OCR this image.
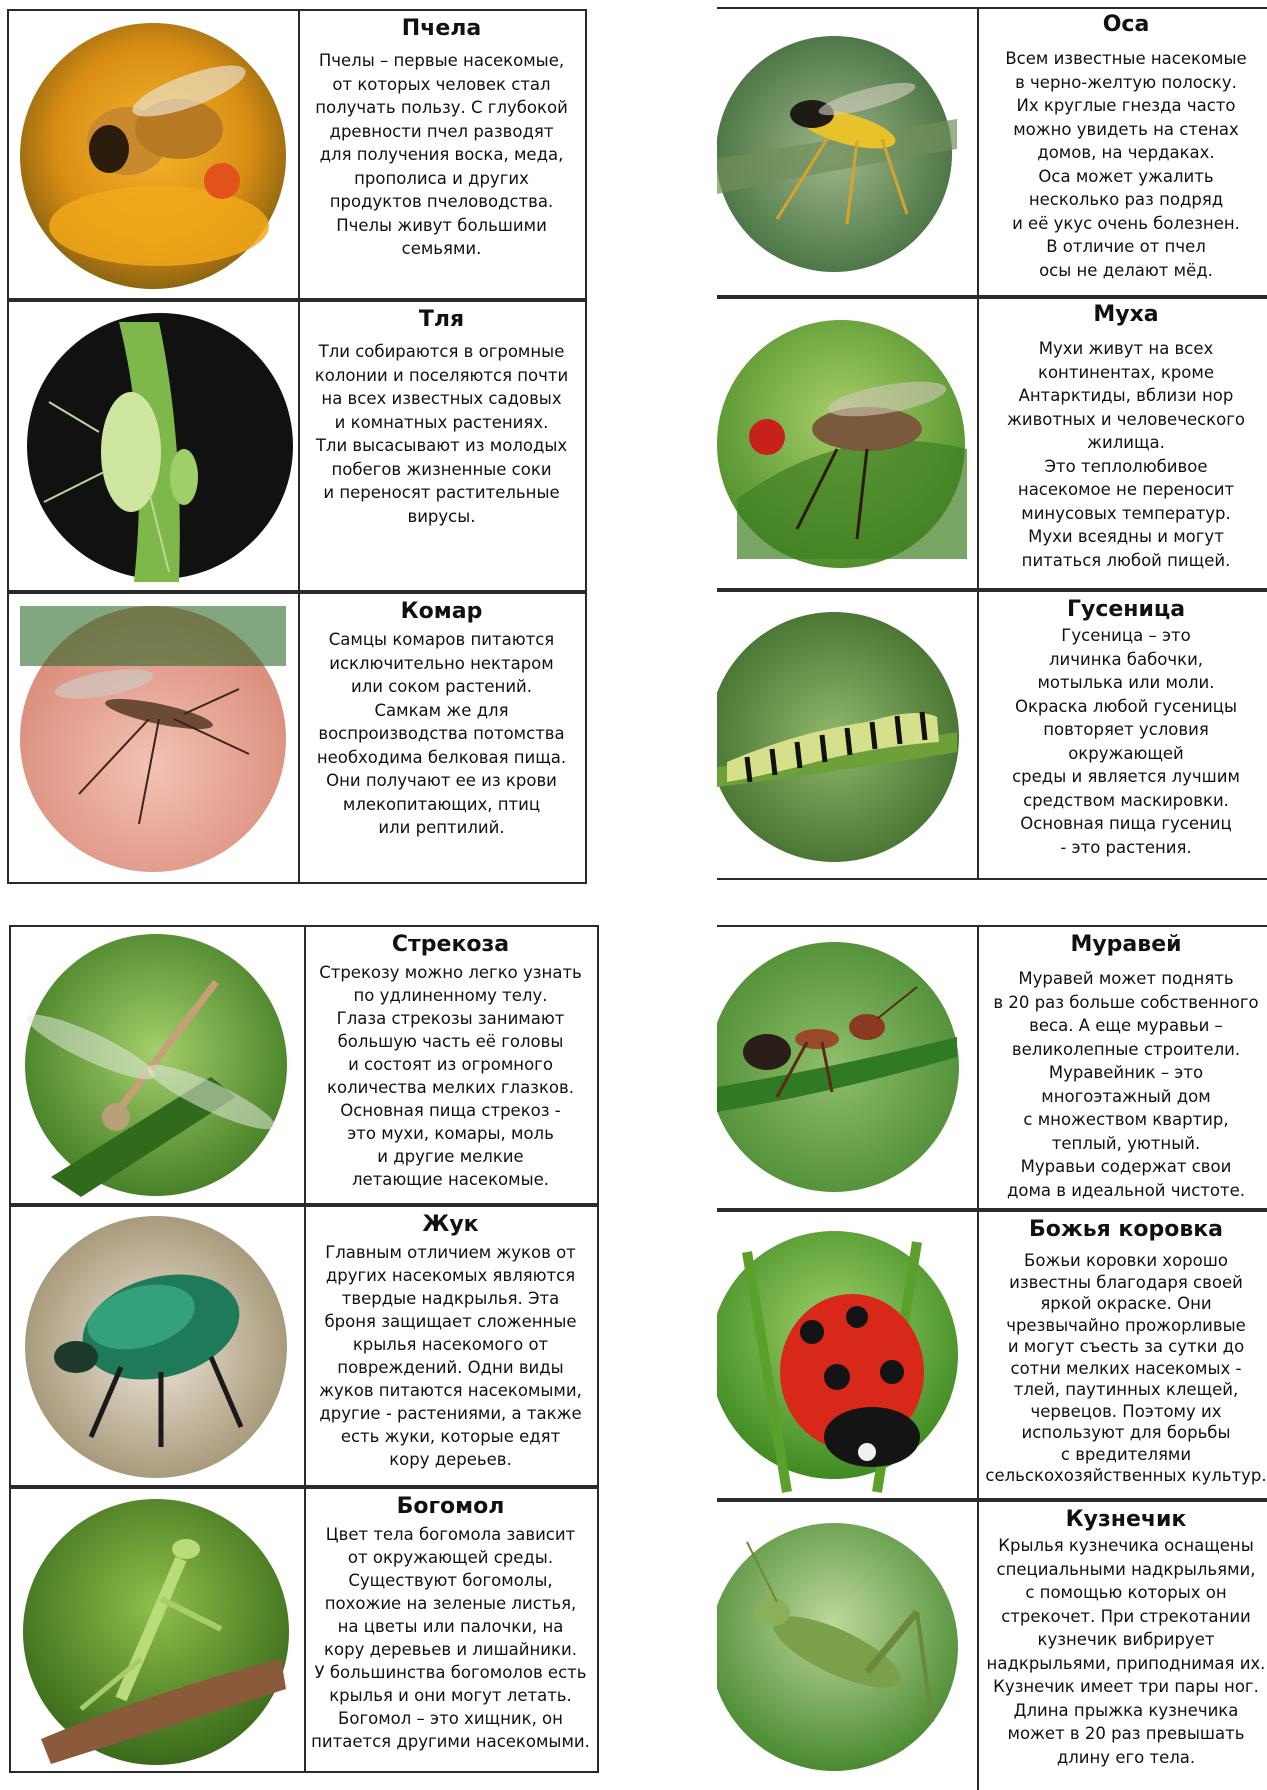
Пчела
Пчелы – первые насекомые,
от которых человек стал
получать пользу. С глубокой
древности пчел разводят
для получения воска, меда,
прополиса и других
продуктов пчеловодства.
Пчелы живут большими
семьями.
Тля
Тли собираются в огромные
колонии и поселяются почти
на всех известных садовых
и комнатных растениях.
Тли высасывают из молодых
побегов жизненные соки
и переносят растительные
вирусы.
Комар
Самцы комаров питаются
исключительно нектаром
или соком растений.
Самкам же для
воспроизводства потомства
необходима белковая пища.
Они получают ее из крови
млекопитающих, птиц
или рептилий.
Оса
Всем известные насекомые
в черно-желтую полоску.
Их круглые гнезда часто
можно увидеть на стенах
домов, на чердаках.
Оса может ужалить
несколько раз подряд
и её укус очень болезнен.
В отличие от пчел
осы не делают мёд.
Муха
Мухи живут на всех
континентах, кроме
Антарктиды, вблизи нор
животных и человеческого
жилища.
Это теплолюбивое
насекомое не переносит
минусовых температур.
Мухи всеядны и могут
питаться любой пищей.
Гусеница
Гусеница – это
личинка бабочки,
мотылька или моли.
Окраска любой гусеницы
повторяет условия
окружающей
среды и является лучшим
средством маскировки.
Основная пища гусениц
- это растения.
Стрекоза
Стрекозу можно легко узнать
по удлиненному телу.
Глаза стрекозы занимают
большую часть её головы
и состоят из огромного
количества мелких глазков.
Основная пища стрекоз -
это мухи, комары, моль
и другие мелкие
летающие насекомые.
Жук
Главным отличием жуков от
других насекомых являются
твердые надкрылья. Эта
броня защищает сложенные
крылья насекомого от
повреждений. Одни виды
жуков питаются насекомыми,
другие - растениями, а также
есть жуки, которые едят
кору дереьев.
Богомол
Цвет тела богомола зависит
от окружающей среды.
Существуют богомолы,
похожие на зеленые листья,
на цветы или палочки, на
кору деревьев и лишайники.
У большинства богомолов есть
крылья и они могут летать.
Богомол – это хищник, он
питается другими насекомыми.
Муравей
Муравей может поднять
в 20 раз больше собственного
веса. А еще муравьи –
великолепные строители.
Муравейник – это
многоэтажный дом
с множеством квартир,
теплый, уютный.
Муравьи содержат свои
дома в идеальной чистоте.
Божья коровка
Божьи коровки хорошо
известны благодаря своей
яркой окраске. Они
чрезвычайно прожорливые
и могут съесть за сутки до
сотни мелких насекомых -
тлей, паутинных клещей,
червецов. Поэтому их
используют для борьбы
с вредителями
сельскохозяйственных культур.
Кузнечик
Крылья кузнечика оснащены
специальными надкрыльями,
с помощью которых он
стрекочет. При стрекотании
кузнечик вибрирует
надкрыльями, приподнимая их.
Кузнечик имеет три пары ног.
Длина прыжка кузнечика
может в 20 раз превышать
длину его тела.
